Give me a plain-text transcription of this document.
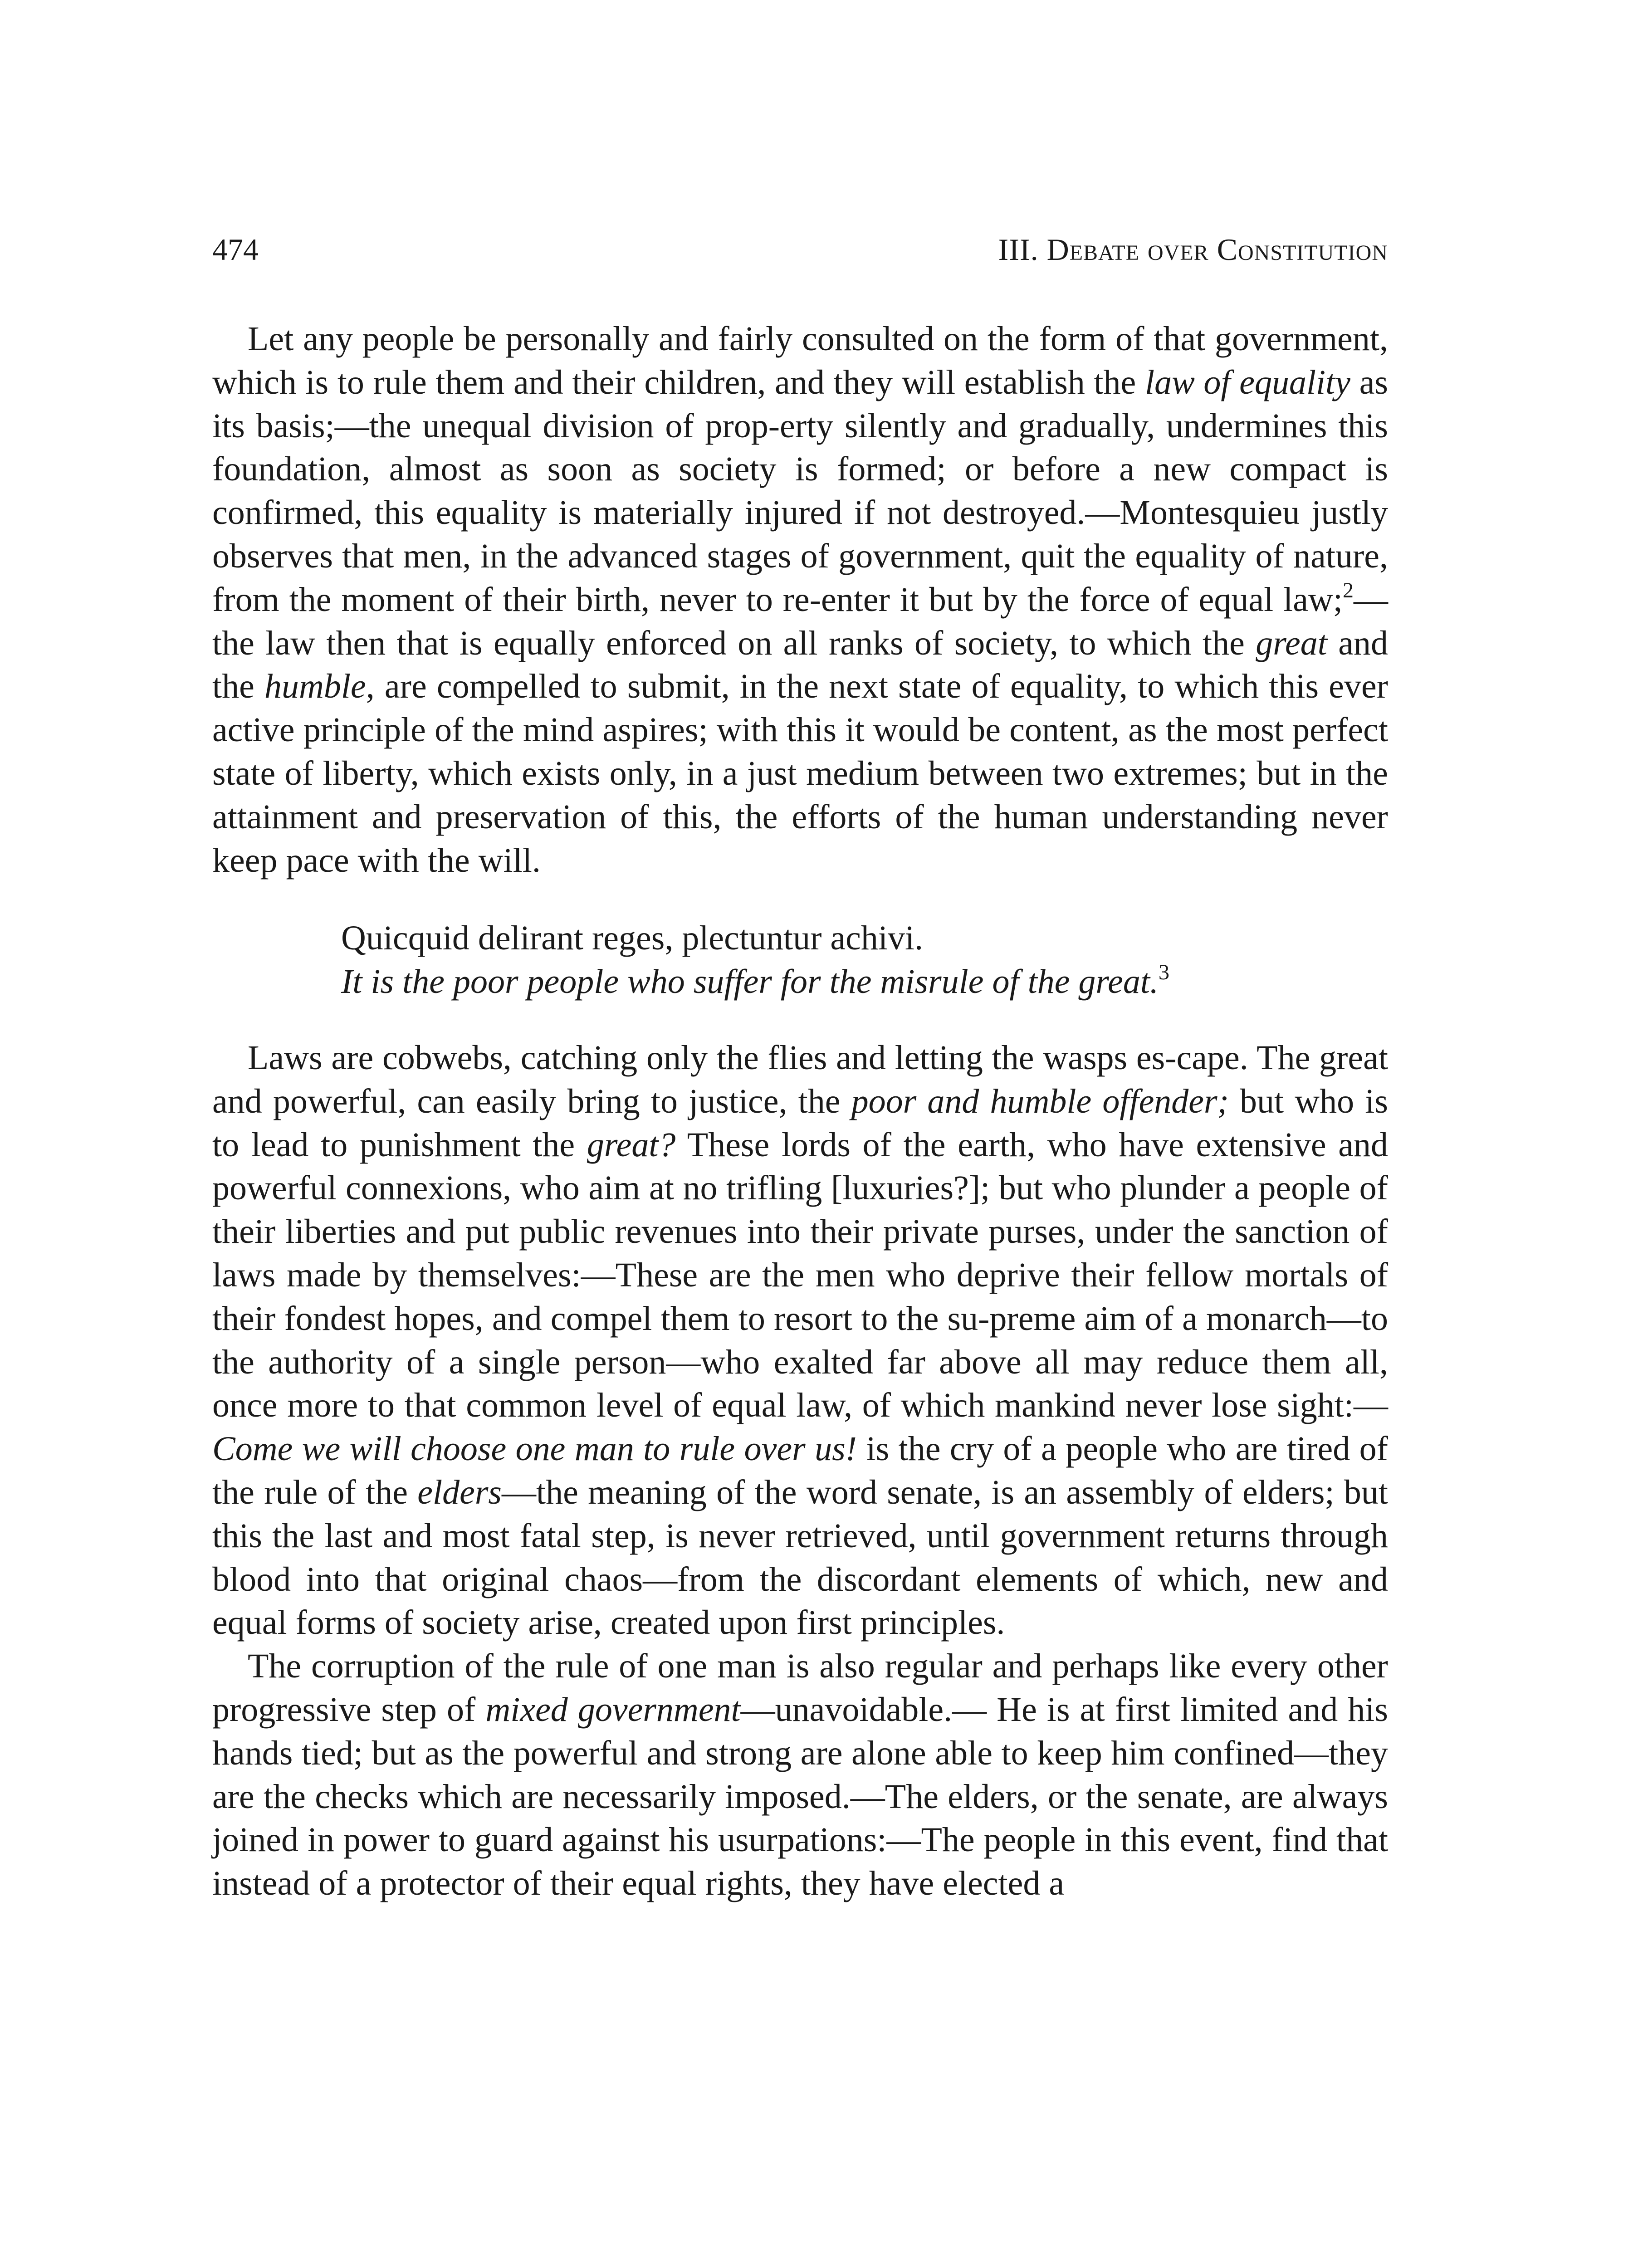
474	III. Debate over Constitution

Let any people be personally and fairly consulted on the form of that government, which is to rule them and their children, and they will establish the law of equality as its basis;—the unequal division of prop-erty silently and gradually, undermines this foundation, almost as soon as society is formed; or before a new compact is confirmed, this equality is materially injured if not destroyed.—Montesquieu justly observes that men, in the advanced stages of government, quit the equality of nature, from the moment of their birth, never to re-enter it but by the force of equal law;$^2$—the law then that is equally enforced on all ranks of society, to which the great and the humble, are compelled to submit, in the next state of equality, to which this ever active principle of the mind aspires; with this it would be content, as the most perfect state of liberty, which exists only, in a just medium between two extremes; but in the attainment and preservation of this, the efforts of the human understanding never keep pace with the will.

Quicquid delirant reges, plectuntur achivi.
It is the poor people who suffer for the misrule of the great.$^3$

Laws are cobwebs, catching only the flies and letting the wasps es-cape. The great and powerful, can easily bring to justice, the poor and humble offender; but who is to lead to punishment the great? These lords of the earth, who have extensive and powerful connexions, who aim at no trifling [luxuries?]; but who plunder a people of their liberties and put public revenues into their private purses, under the sanction of laws made by themselves:—These are the men who deprive their fellow mortals of their fondest hopes, and compel them to resort to the su-preme aim of a monarch—to the authority of a single person—who exalted far above all may reduce them all, once more to that common level of equal law, of which mankind never lose sight:—Come we will choose one man to rule over us! is the cry of a people who are tired of the rule of the elders—the meaning of the word senate, is an assembly of elders; but this the last and most fatal step, is never retrieved, until government returns through blood into that original chaos—from the discordant elements of which, new and equal forms of society arise, created upon first principles.

The corruption of the rule of one man is also regular and perhaps like every other progressive step of mixed government—unavoidable.— He is at first limited and his hands tied; but as the powerful and strong are alone able to keep him confined—they are the checks which are necessarily imposed.—The elders, or the senate, are always joined in power to guard against his usurpations:—The people in this event, find that instead of a protector of their equal rights, they have elected a
